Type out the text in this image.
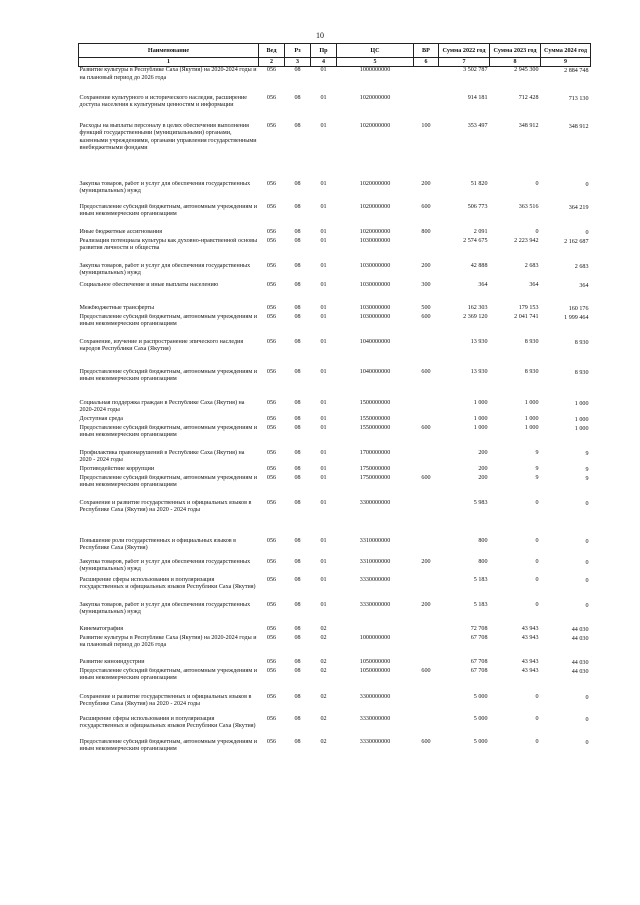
10
Наименование	Вед	Рз	Пр	ЦС	ВР	Сумма 2022 год	Сумма 2023 год	Сумма 2024 год
1	2	3	4	5	6	7	8	9
Развитие культуры в Республике Саха (Якутия) на 2020-2024 годы и на плановый период до 2026 года	056	08	01	1000000000		3 502 787	2 945 300	2 884 748
Сохранение культурного и исторического наследия, расширение доступа населения к культурным ценностям и информации	056	08	01	1020000000		914 181	712 428	713 130
Расходы на выплаты персоналу в целях обеспечения выполнения функций государственными (муниципальными) органами, казенными учреждениями, органами управления государственными внебюджетными фондами	056	08	01	1020000000	100	353 497	348 912	348 912
Закупка товаров, работ и услуг для обеспечения государственных (муниципальных) нужд	056	08	01	1020000000	200	51 820	0	0
Предоставление субсидий бюджетным, автономным учреждениям и иным некоммерческим организациям	056	08	01	1020000000	600	506 773	363 516	364 219
Иные бюджетные ассигнования	056	08	01	1020000000	800	2 091	0	0
Реализация потенциала культуры как духовно-нравственной основы развития личности и общества	056	08	01	1030000000		2 574 675	2 223 942	2 162 687
Закупка товаров, работ и услуг для обеспечения государственных (муниципальных) нужд	056	08	01	1030000000	200	42 888	2 683	2 683
Социальное обеспечение и иные выплаты населению	056	08	01	1030000000	300	364	364	364
Межбюджетные трансферты	056	08	01	1030000000	500	162 303	179 153	160 176
Предоставление субсидий бюджетным, автономным учреждениям и иным некоммерческим организациям	056	08	01	1030000000	600	2 369 120	2 041 741	1 999 464
Сохранение, изучение и распространение эпического наследия народов Республики Саха (Якутия)	056	08	01	1040000000		13 930	8 930	8 930
Предоставление субсидий бюджетным, автономным учреждениям и иным некоммерческим организациям	056	08	01	1040000000	600	13 930	8 930	8 930
Социальная поддержка граждан в Республике Саха (Якутия) на 2020-2024 годы	056	08	01	1500000000		1 000	1 000	1 000
Доступная среда	056	08	01	1550000000		1 000	1 000	1 000
Предоставление субсидий бюджетным, автономным учреждениям и иным некоммерческим организациям	056	08	01	1550000000	600	1 000	1 000	1 000
Профилактика правонарушений в Республике Саха (Якутия) на 2020 - 2024 годы	056	08	01	1700000000		200	9	9
Противодействие коррупции	056	08	01	1750000000		200	9	9
Предоставление субсидий бюджетным, автономным учреждениям и иным некоммерческим организациям	056	08	01	1750000000	600	200	9	9
Сохранение и развитие государственных и официальных языков в Республике Саха (Якутия) на 2020 - 2024 годы	056	08	01	3300000000		5 983	0	0
Повышение роли государственных и официальных языков в Республике Саха (Якутия)	056	08	01	3310000000		800	0	0
Закупка товаров, работ и услуг для обеспечения государственных (муниципальных) нужд	056	08	01	3310000000	200	800	0	0
Расширение сферы использования и популяризация государственных и официальных языков Республики Саха (Якутия)	056	08	01	3330000000		5 183	0	0
Закупка товаров, работ и услуг для обеспечения государственных (муниципальных) нужд	056	08	01	3330000000	200	5 183	0	0
Кинематография	056	08	02			72 708	43 943	44 030
Развитие культуры в Республике Саха (Якутия) на 2020-2024 годы и на плановый период до 2026 года	056	08	02	1000000000		67 708	43 943	44 030
Развитие киноиндустрии	056	08	02	1050000000		67 708	43 943	44 030
Предоставление субсидий бюджетным, автономным учреждениям и иным некоммерческим организациям	056	08	02	1050000000	600	67 708	43 943	44 030
Сохранение и развитие государственных и официальных языков в Республике Саха (Якутия) на 2020 - 2024 годы	056	08	02	3300000000		5 000	0	0
Расширение сферы использования и популяризация государственных и официальных языков Республики Саха (Якутия)	056	08	02	3330000000		5 000	0	0
Предоставление субсидий бюджетным, автономным учреждениям и иным некоммерческим организациям	056	08	02	3330000000	600	5 000	0	0
